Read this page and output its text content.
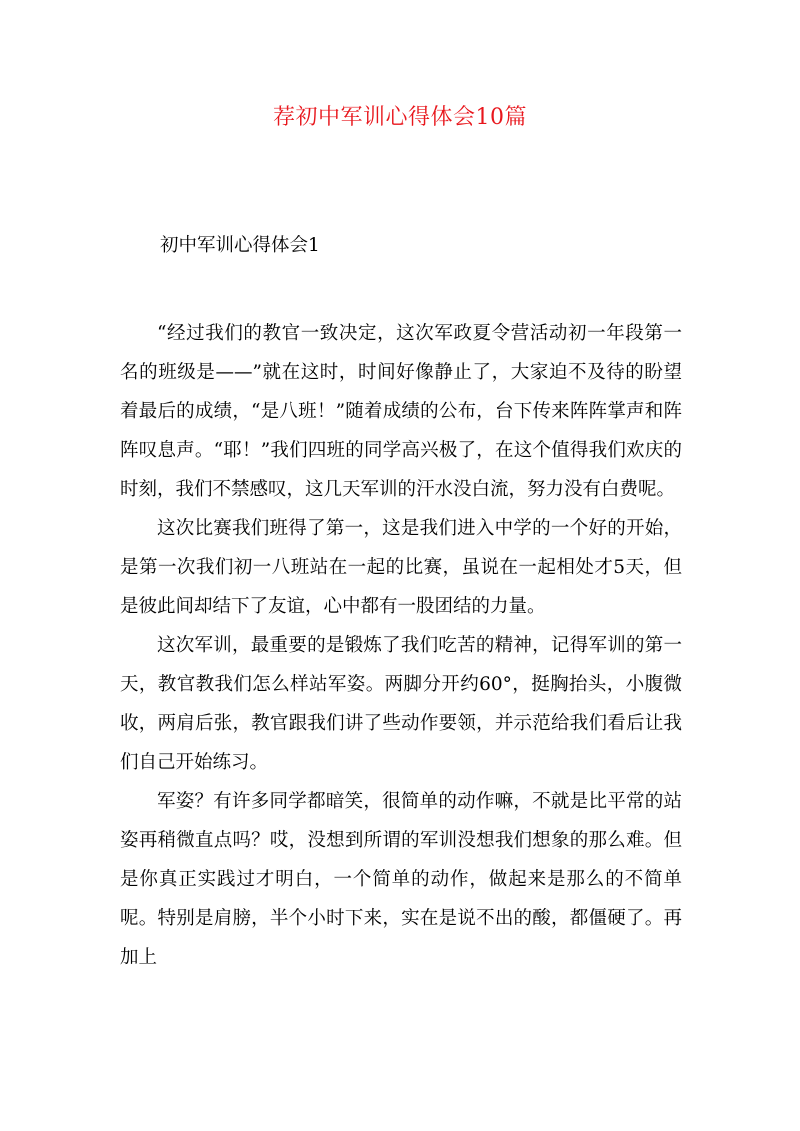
荐初中军训心得体会10篇

初中军训心得体会1

“经过我们的教官一致决定，这次军政夏令营活动初一年段第一名的班级是——”就在这时，时间好像静止了，大家迫不及待的盼望着最后的成绩，“是八班！”随着成绩的公布，台下传来阵阵掌声和阵阵叹息声。“耶！”我们四班的同学高兴极了，在这个值得我们欢庆的时刻，我们不禁感叹，这几天军训的汗水没白流，努力没有白费呢。

这次比赛我们班得了第一，这是我们进入中学的一个好的开始，是第一次我们初一八班站在一起的比赛，虽说在一起相处才5天，但是彼此间却结下了友谊，心中都有一股团结的力量。

这次军训，最重要的是锻炼了我们吃苦的精神，记得军训的第一天，教官教我们怎么样站军姿。两脚分开约60°，挺胸抬头，小腹微收，两肩后张，教官跟我们讲了些动作要领，并示范给我们看后让我们自己开始练习。

军姿？有许多同学都暗笑，很简单的动作嘛，不就是比平常的站姿再稍微直点吗？哎，没想到所谓的军训没想我们想象的那么难。但是你真正实践过才明白，一个简单的动作，做起来是那么的不简单呢。特别是肩膀，半个小时下来，实在是说不出的酸，都僵硬了。再加上
